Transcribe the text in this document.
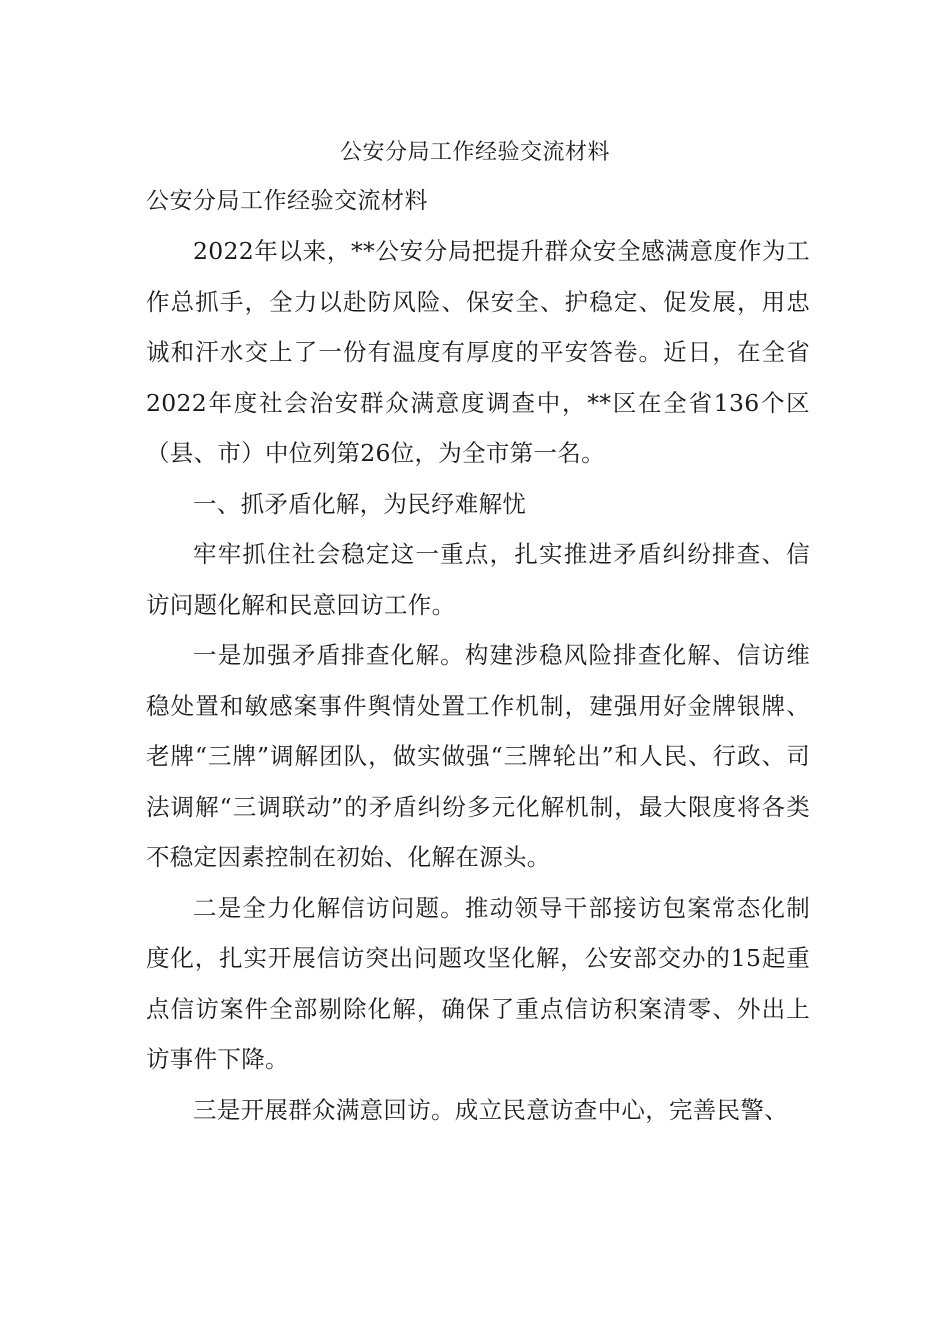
公安分局工作经验交流材料
公安分局工作经验交流材料

2022年以来，**公安分局把提升群众安全感满意度作为工作总抓手，全力以赴防风险、保安全、护稳定、促发展，用忠诚和汗水交上了一份有温度有厚度的平安答卷。近日，在全省2022年度社会治安群众满意度调查中，**区在全省136个区（县、市）中位列第26位，为全市第一名。

一、抓矛盾化解，为民纾难解忧

牢牢抓住社会稳定这一重点，扎实推进矛盾纠纷排查、信访问题化解和民意回访工作。

一是加强矛盾排查化解。构建涉稳风险排查化解、信访维稳处置和敏感案事件舆情处置工作机制，建强用好金牌银牌、老牌“三牌”调解团队，做实做强“三牌轮出”和人民、行政、司法调解“三调联动”的矛盾纠纷多元化解机制，最大限度将各类不稳定因素控制在初始、化解在源头。

二是全力化解信访问题。推动领导干部接访包案常态化制度化，扎实开展信访突出问题攻坚化解，公安部交办的15起重点信访案件全部剔除化解，确保了重点信访积案清零、外出上访事件下降。

三是开展群众满意回访。成立民意访查中心，完善民警、
